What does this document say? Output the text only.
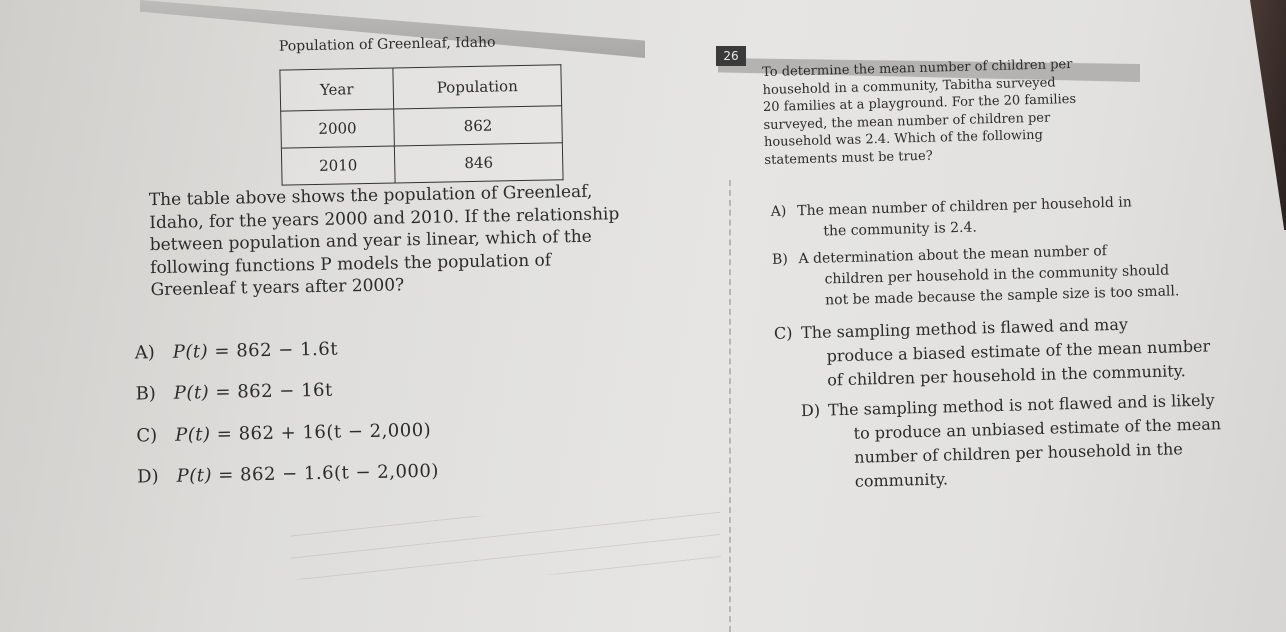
26
Population of Greenleaf, Idaho
Year	Population
2000	862
2010	846
The table above shows the population of Greenleaf,
Idaho, for the years 2000 and 2010. If the relationship
between population and year is linear, which of the
following functions P models the population of
Greenleaf t years after 2000?
A) P(t) = 862 − 1.6t
B) P(t) = 862 − 16t
C) P(t) = 862 + 16(t − 2,000)
D) P(t) = 862 − 1.6(t − 2,000)
To determine the mean number of children per
household in a community, Tabitha surveyed
20 families at a playground. For the 20 families
surveyed, the mean number of children per
household was 2.4. Which of the following
statements must be true?
A) The mean number of children per household in
the community is 2.4.
B) A determination about the mean number of
children per household in the community should
not be made because the sample size is too small.
C) The sampling method is flawed and may
produce a biased estimate of the mean number
of children per household in the community.
D) The sampling method is not flawed and is likely
to produce an unbiased estimate of the mean
number of children per household in the
community.
